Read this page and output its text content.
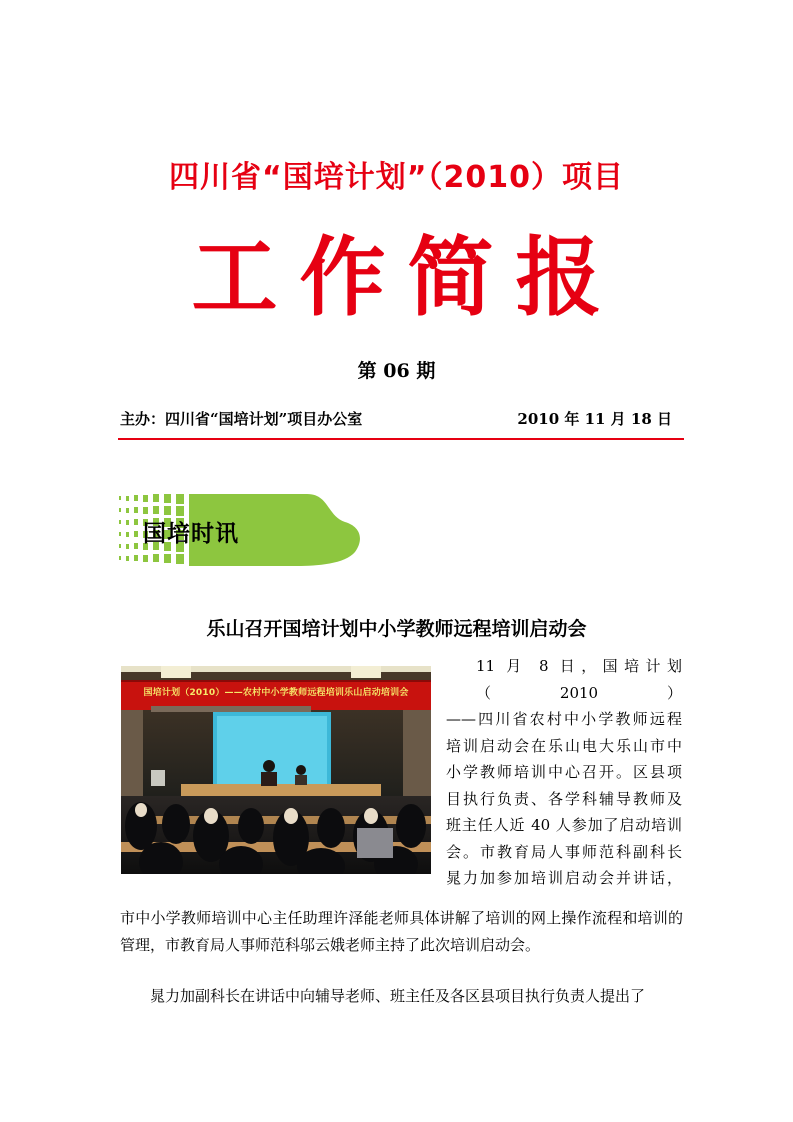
四川省“国培计划”（2010）项目
工作简报
第 06 期
主办：四川省“国培计划”项目办公室	2010 年 11 月 18 日
国培时讯
乐山召开国培计划中小学教师远程培训启动会
国培计划（2010）——农村中小学教师远程培训乐山启动培训会
11 月 8 日，国培计划（2010）
——四川省农村中小学教师远程
培训启动会在乐山电大乐山市中
小学教师培训中心召开。区县项
目执行负责、各学科辅导教师及
班主任人近 40 人参加了启动培训
会。市教育局人事师范科副科长
晁力加参加培训启动会并讲话，
市中小学教师培训中心主任助理许泽能老师具体讲解了培训的网上操作流程和培训的管理，市教育局人事师范科邬云娥老师主持了此次培训启动会。
晁力加副科长在讲话中向辅导老师、班主任及各区县项目执行负责人提出了
